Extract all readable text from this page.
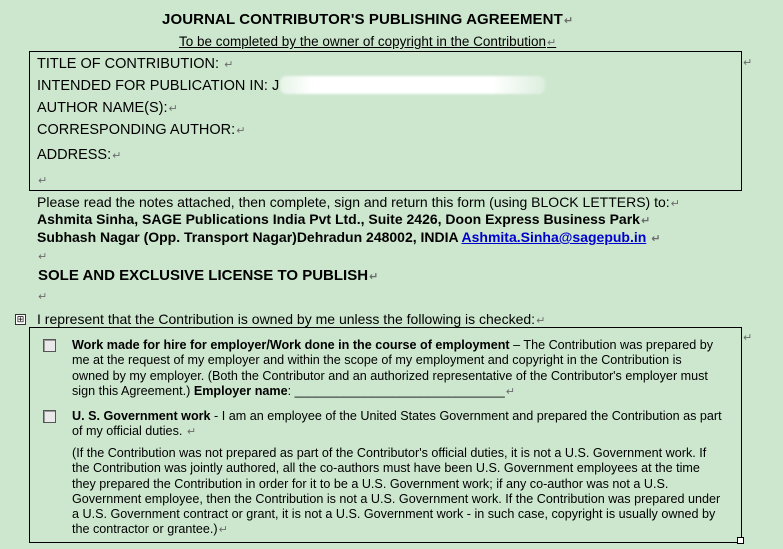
JOURNAL CONTRIBUTOR'S PUBLISHING AGREEMENT↵
To be completed by the owner of copyright in the Contribution↵
↵
TITLE OF CONTRIBUTION: ↵
INTENDED FOR PUBLICATION IN: J
AUTHOR NAME(S):↵
CORRESPONDING AUTHOR:↵
ADDRESS:↵
↵
Please read the notes attached, then complete, sign and return this form (using BLOCK LETTERS) to:↵
Ashmita Sinha, SAGE Publications India Pvt Ltd., Suite 2426, Doon Express Business Park↵
Subhash Nagar (Opp. Transport Nagar)Dehradun 248002, INDIA Ashmita.Sinha@sagepub.in ↵
↵
SOLE AND EXCLUSIVE LICENSE TO PUBLISH↵
↵
⊞ I represent that the Contribution is owned by me unless the following is checked:↵
↵
Work made for hire for employer/Work done in the course of employment – The Contribution was prepared by me at the request of my employer and within the scope of my employment and copyright in the Contribution is owned by my employer. (Both the Contributor and an authorized representative of the Contributor's employer must sign this Agreement.) Employer name: ______________________________↵
U. S. Government work - I am an employee of the United States Government and prepared the Contribution as part of my official duties. ↵
(If the Contribution was not prepared as part of the Contributor's official duties, it is not a U.S. Government work. If the Contribution was jointly authored, all the co-authors must have been U.S. Government employees at the time they prepared the Contribution in order for it to be a U.S. Government work; if any co-author was not a U.S. Government employee, then the Contribution is not a U.S. Government work. If the Contribution was prepared under a U.S. Government contract or grant, it is not a U.S. Government work - in such case, copyright is usually owned by the contractor or grantee.)↵
